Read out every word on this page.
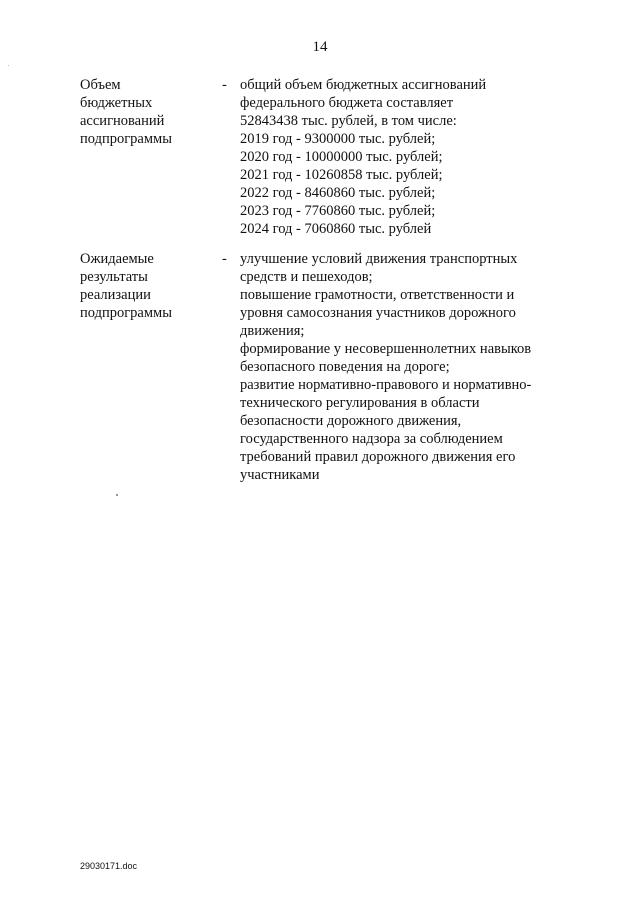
14
Объем
бюджетных
ассигнований
подпрограммы
- общий объем бюджетных ассигнований
федерального бюджета составляет
52843438 тыс. рублей, в том числе:
2019 год - 9300000 тыс. рублей;
2020 год - 10000000 тыс. рублей;
2021 год - 10260858 тыс. рублей;
2022 год - 8460860 тыс. рублей;
2023 год - 7760860 тыс. рублей;
2024 год - 7060860 тыс. рублей
Ожидаемые
результаты
реализации
подпрограммы
- улучшение условий движения транспортных
средств и пешеходов;
повышение грамотности, ответственности и
уровня самосознания участников дорожного
движения;
формирование у несовершеннолетних навыков
безопасного поведения на дороге;
развитие нормативно-правового и нормативно-
технического регулирования в области
безопасности дорожного движения,
государственного надзора за соблюдением
требований правил дорожного движения его
участниками
29030171.doc
